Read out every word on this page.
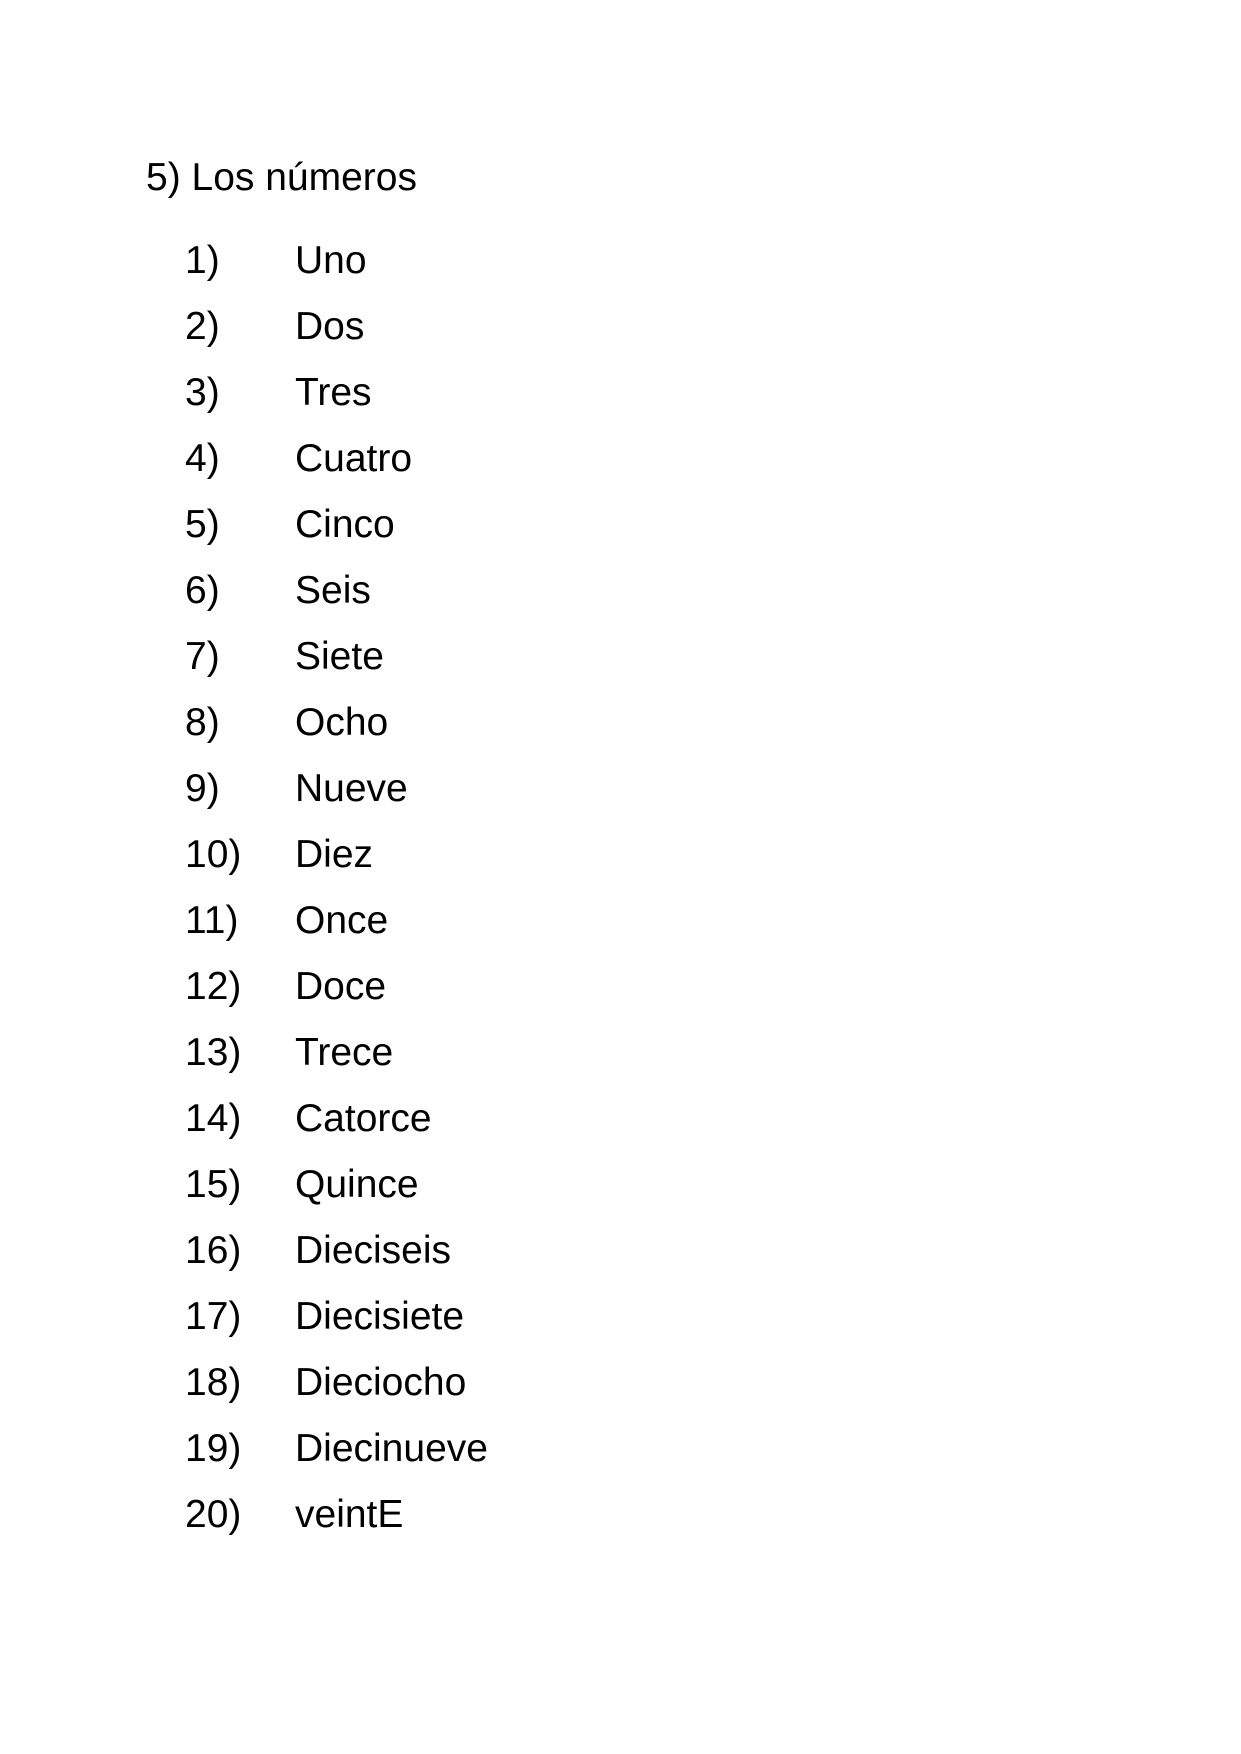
5) Los números
1) Uno
2) Dos
3) Tres
4) Cuatro
5) Cinco
6) Seis
7) Siete
8) Ocho
9) Nueve
10) Diez
11) Once
12) Doce
13) Trece
14) Catorce
15) Quince
16) Dieciseis
17) Diecisiete
18) Dieciocho
19) Diecinueve
20) veintE
